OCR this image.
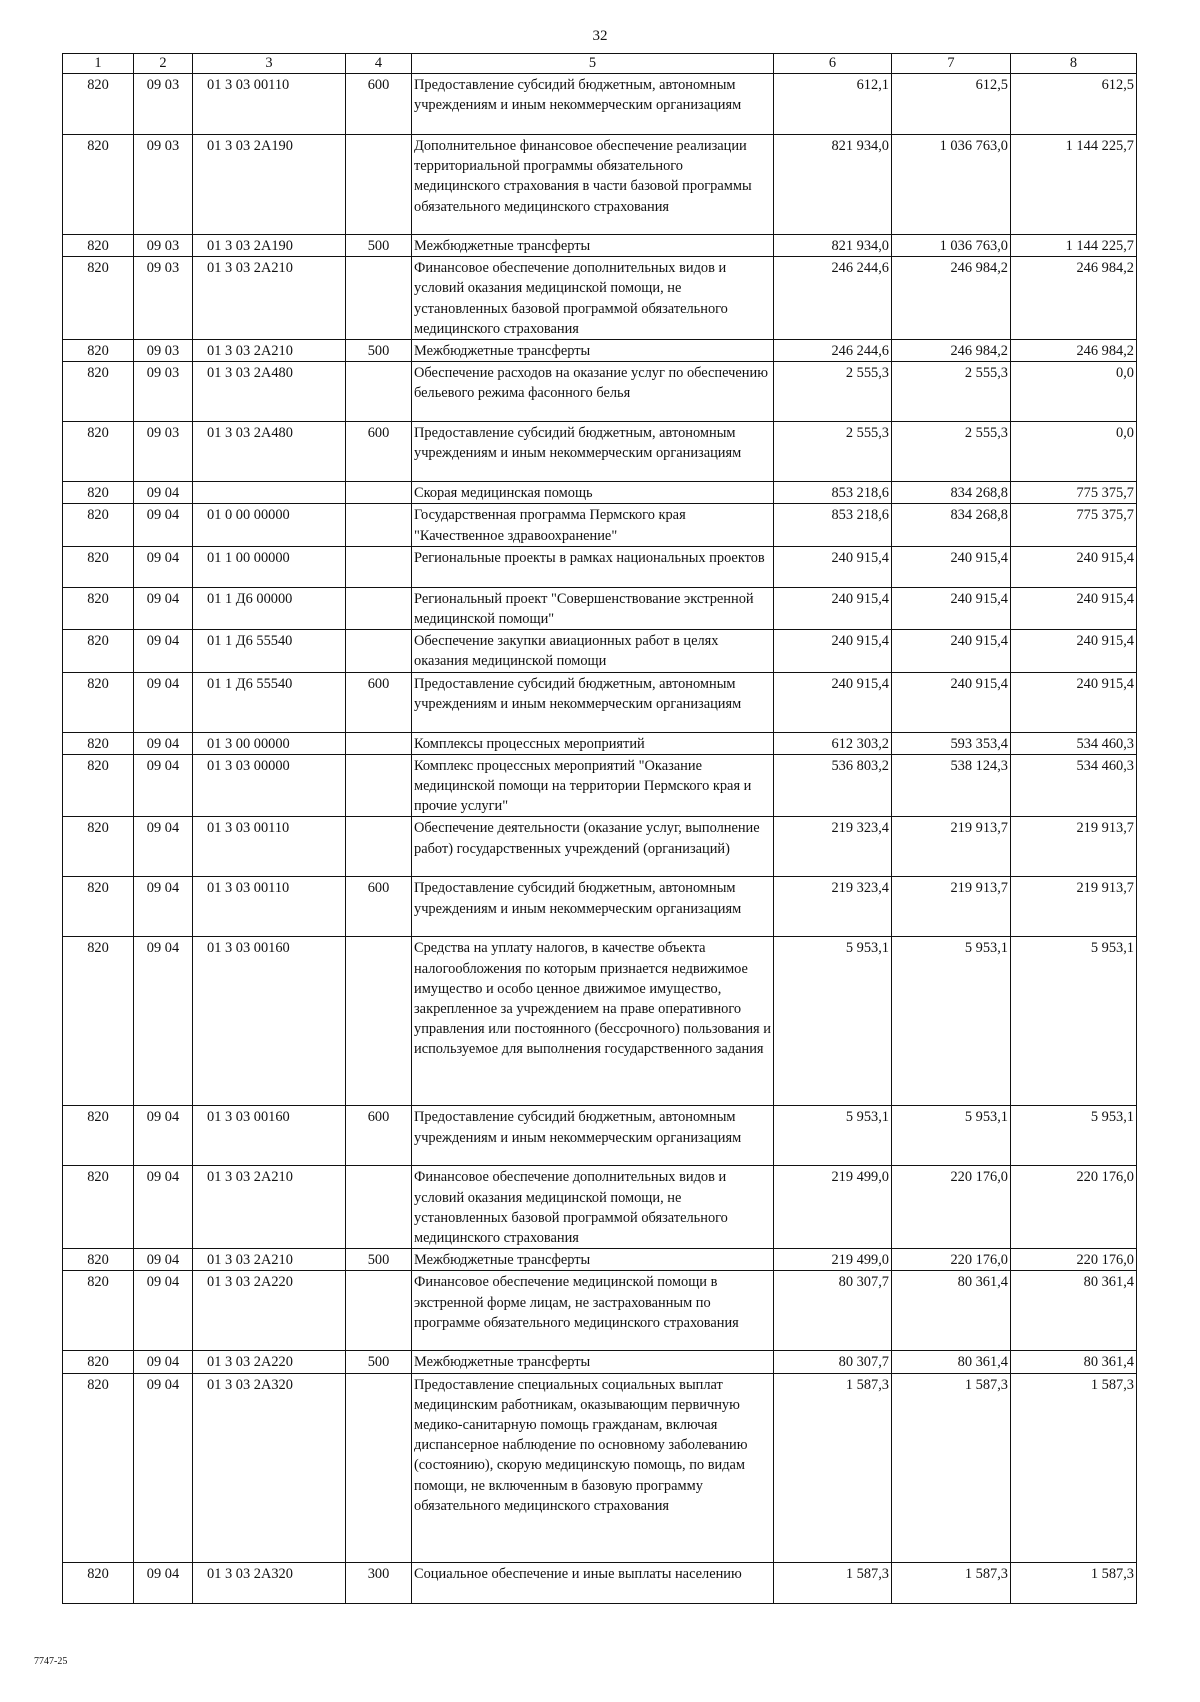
32
1	2	3	4	5	6	7	8
820	09 03	01 3 03 00110	600	Предоставление субсидий бюджетным, автономным учреждениям и иным некоммерческим организациям	612,1	612,5	612,5
820	09 03	01 3 03 2А190		Дополнительное финансовое обеспечение реализации территориальной программы обязательного медицинского страхования в части базовой программы обязательного медицинского страхования	821 934,0	1 036 763,0	1 144 225,7
820	09 03	01 3 03 2А190	500	Межбюджетные трансферты	821 934,0	1 036 763,0	1 144 225,7
820	09 03	01 3 03 2А210		Финансовое обеспечение дополнительных видов и условий оказания медицинской помощи, не установленных базовой программой обязательного медицинского страхования	246 244,6	246 984,2	246 984,2
820	09 03	01 3 03 2А210	500	Межбюджетные трансферты	246 244,6	246 984,2	246 984,2
820	09 03	01 3 03 2А480		Обеспечение расходов на оказание услуг по обеспечению бельевого режима фасонного белья	2 555,3	2 555,3	0,0
820	09 03	01 3 03 2А480	600	Предоставление субсидий бюджетным, автономным учреждениям и иным некоммерческим организациям	2 555,3	2 555,3	0,0
820	09 04			Скорая медицинская помощь	853 218,6	834 268,8	775 375,7
820	09 04	01 0 00 00000		Государственная программа Пермского края "Качественное здравоохранение"	853 218,6	834 268,8	775 375,7
820	09 04	01 1 00 00000		Региональные проекты в рамках национальных проектов	240 915,4	240 915,4	240 915,4
820	09 04	01 1 Д6 00000		Региональный проект "Совершенствование экстренной медицинской помощи"	240 915,4	240 915,4	240 915,4
820	09 04	01 1 Д6 55540		Обеспечение закупки авиационных работ в целях оказания медицинской помощи	240 915,4	240 915,4	240 915,4
820	09 04	01 1 Д6 55540	600	Предоставление субсидий бюджетным, автономным учреждениям и иным некоммерческим организациям	240 915,4	240 915,4	240 915,4
820	09 04	01 3 00 00000		Комплексы процессных мероприятий	612 303,2	593 353,4	534 460,3
820	09 04	01 3 03 00000		Комплекс процессных мероприятий "Оказание медицинской помощи на территории Пермского края и прочие услуги"	536 803,2	538 124,3	534 460,3
820	09 04	01 3 03 00110		Обеспечение деятельности (оказание услуг, выполнение работ) государственных учреждений (организаций)	219 323,4	219 913,7	219 913,7
820	09 04	01 3 03 00110	600	Предоставление субсидий бюджетным, автономным учреждениям и иным некоммерческим организациям	219 323,4	219 913,7	219 913,7
820	09 04	01 3 03 00160		Средства на уплату налогов, в качестве объекта налогообложения по которым признается недвижимое имущество и особо ценное движимое имущество, закрепленное за учреждением на праве оперативного управления или постоянного (бессрочного) пользования и используемое для выполнения государственного задания	5 953,1	5 953,1	5 953,1
820	09 04	01 3 03 00160	600	Предоставление субсидий бюджетным, автономным учреждениям и иным некоммерческим организациям	5 953,1	5 953,1	5 953,1
820	09 04	01 3 03 2А210		Финансовое обеспечение дополнительных видов и условий оказания медицинской помощи, не установленных базовой программой обязательного медицинского страхования	219 499,0	220 176,0	220 176,0
820	09 04	01 3 03 2А210	500	Межбюджетные трансферты	219 499,0	220 176,0	220 176,0
820	09 04	01 3 03 2А220		Финансовое обеспечение медицинской помощи в экстренной форме лицам, не застрахованным по программе обязательного медицинского страхования	80 307,7	80 361,4	80 361,4
820	09 04	01 3 03 2А220	500	Межбюджетные трансферты	80 307,7	80 361,4	80 361,4
820	09 04	01 3 03 2А320		Предоставление специальных социальных выплат медицинским работникам, оказывающим первичную медико-санитарную помощь гражданам, включая диспансерное наблюдение по основному заболеванию (состоянию), скорую медицинскую помощь, по видам помощи, не включенным в базовую программу обязательного медицинского страхования	1 587,3	1 587,3	1 587,3
820	09 04	01 3 03 2А320	300	Социальное обеспечение и иные выплаты населению	1 587,3	1 587,3	1 587,3
7747-25
